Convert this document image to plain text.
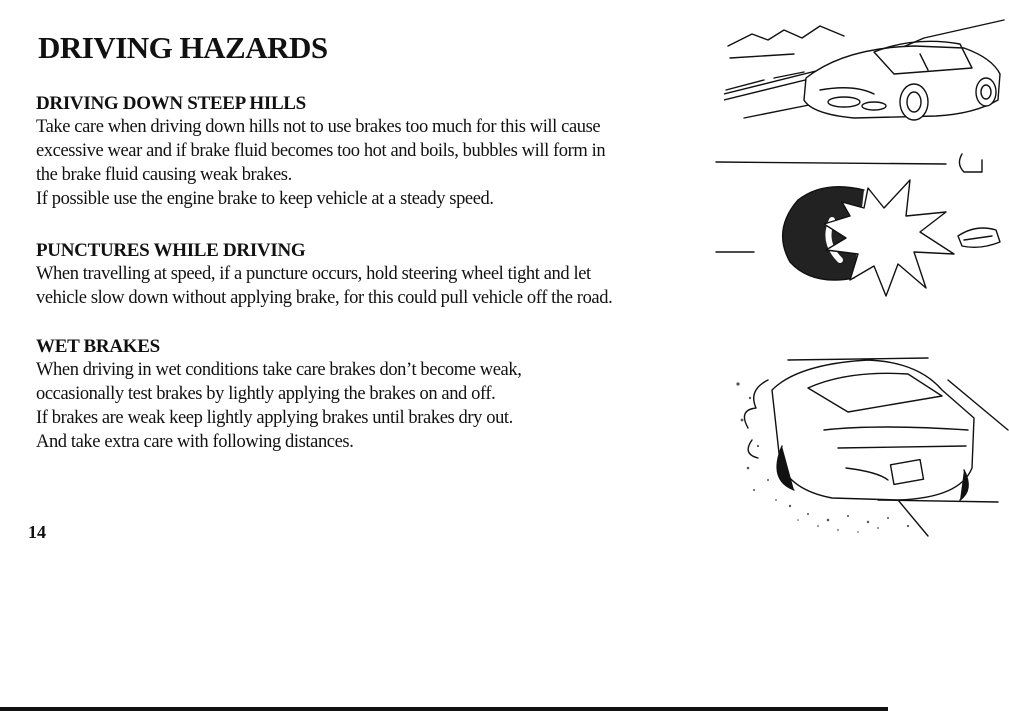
DRIVING HAZARDS
DRIVING DOWN STEEP HILLS

Take care when driving down hills not to use brakes too much for this will cause

excessive wear and if brake fluid becomes too hot and boils, bubbles will form in

the brake fluid causing weak brakes.

If possible use the engine brake to keep vehicle at a steady speed.

PUNCTURES WHILE DRIVING

When travelling at speed, if a puncture occurs, hold steering wheel tight and let

vehicle slow down without applying brake, for this could pull vehicle off the road.

WET BRAKES

When driving in wet conditions take care brakes don’t become weak,

occasionally test brakes by lightly applying the brakes on and off.

If brakes are weak keep lightly applying brakes until brakes dry out.

And take extra care with following distances.

14
